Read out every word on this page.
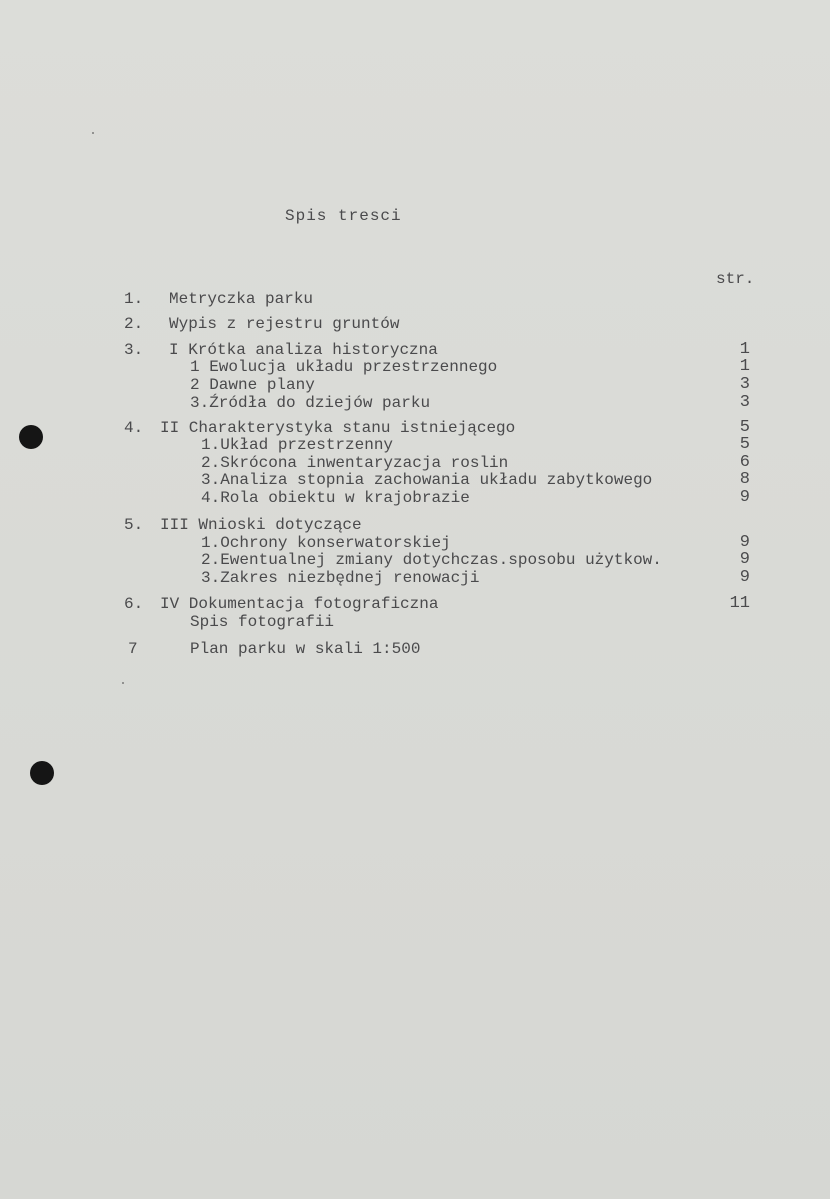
Spis tresci
str.
1. Metryczka parku
2. Wypis z rejestru gruntów
3. I Krótka analiza historyczna	1
1 Ewolucja układu przestrzennego	1
2 Dawne plany	3
3.Źródła do dziejów parku	3
4. II Charakterystyka stanu istniejącego	5
1.Układ przestrzenny	5
2.Skrócona inwentaryzacja roslin	6
3.Analiza stopnia zachowania układu zabytkowego	8
4.Rola obiektu w krajobrazie	9
5. III Wnioski dotyczące
1.Ochrony konserwatorskiej	9
2.Ewentualnej zmiany dotychczas.sposobu użytkow.	9
3.Zakres niezbędnej renowacji	9
6. IV Dokumentacja fotograficzna	11
Spis fotografii
7	Plan parku w skali 1:500
